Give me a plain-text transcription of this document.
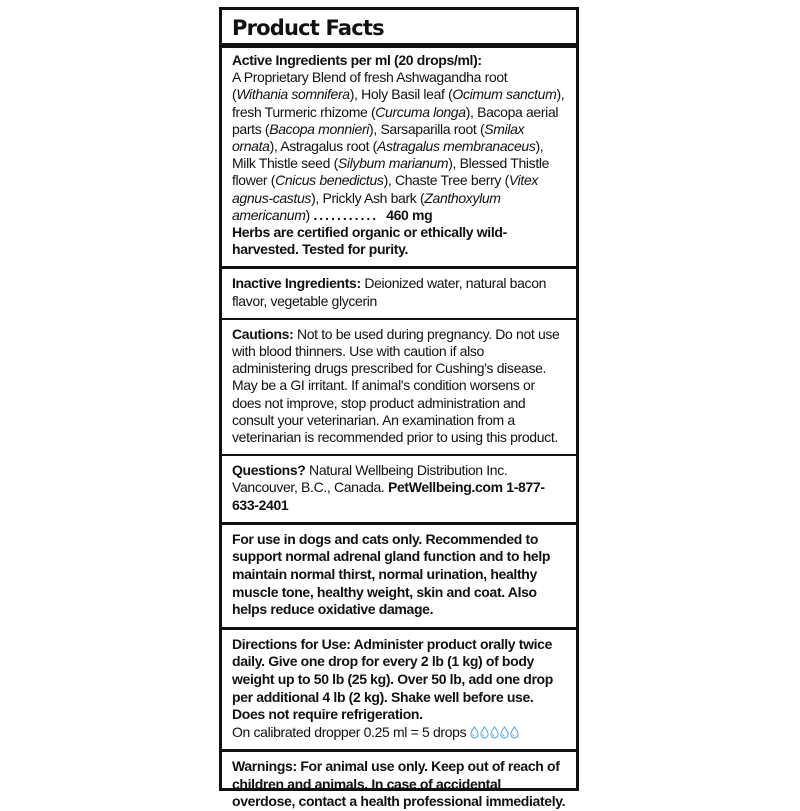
Product Facts

Active Ingredients per ml (20 drops/ml):

A Proprietary Blend of fresh Ashwagandha root (Withania somnifera), Holy Basil leaf (Ocimum sanctum), fresh Turmeric rhizome (Curcuma longa), Bacopa aerial parts (Bacopa monnieri), Sarsaparilla root (Smilax ornata), Astragalus root (Astragalus membranaceus), Milk Thistle seed (Silybum marianum), Blessed Thistle flower (Cnicus benedictus), Chaste Tree berry (Vitex agnus-castus), Prickly Ash bark (Zanthoxylum americanum) ........... 460 mg

Herbs are certified organic or ethically wild-harvested. Tested for purity.

Inactive Ingredients: Deionized water, natural bacon flavor, vegetable glycerin

Cautions: Not to be used during pregnancy. Do not use with blood thinners. Use with caution if also administering drugs prescribed for Cushing's disease. May be a GI irritant. If animal's condition worsens or does not improve, stop product administration and consult your veterinarian. An examination from a veterinarian is recommended prior to using this product.

Questions? Natural Wellbeing Distribution Inc. Vancouver, B.C., Canada. PetWellbeing.com 1-877-633-2401

For use in dogs and cats only. Recommended to support normal adrenal gland function and to help maintain normal thirst, normal urination, healthy muscle tone, healthy weight, skin and coat. Also helps reduce oxidative damage.

Directions for Use: Administer product orally twice daily. Give one drop for every 2 lb (1 kg) of body weight up to 50 lb (25 kg). Over 50 lb, add one drop per additional 4 lb (2 kg). Shake well before use. Does not require refrigeration.

On calibrated dropper 0.25 ml = 5 drops

Warnings: For animal use only. Keep out of reach of children and animals. In case of accidental overdose, contact a health professional immediately.
